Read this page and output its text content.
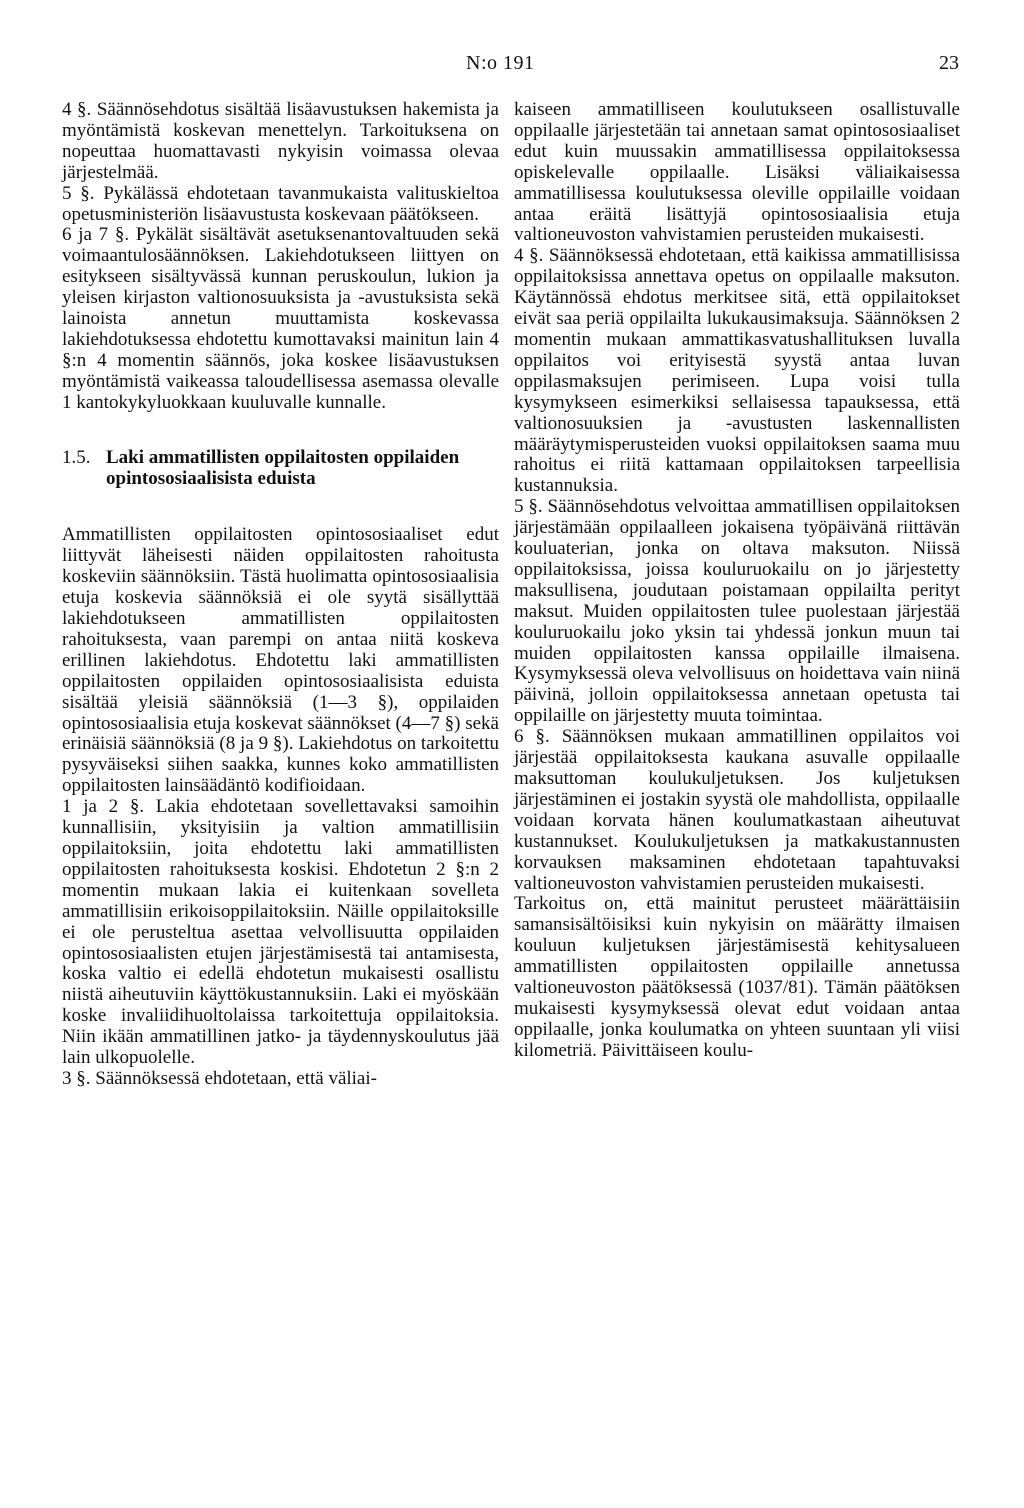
N:o 191	23

4 §. Säännösehdotus sisältää lisäavustuksen hakemista ja myöntämistä koskevan menettelyn. Tarkoituksena on nopeuttaa huomattavasti nykyisin voimassa olevaa järjestelmää.

5 §. Pykälässä ehdotetaan tavanmukaista valituskieltoa opetusministeriön lisäavustusta koskevaan päätökseen.

6 ja 7 §. Pykälät sisältävät asetuksenantovaltuuden sekä voimaantulosäännöksen. Lakiehdotukseen liittyen on esitykseen sisältyvässä kunnan peruskoulun, lukion ja yleisen kirjaston valtionosuuksista ja -avustuksista sekä lainoista annetun muuttamista koskevassa lakiehdotuksessa ehdotettu kumottavaksi mainitun lain 4 §:n 4 momentin säännös, joka koskee lisäavustuksen myöntämistä vaikeassa taloudellisessa asemassa olevalle 1 kantokykyluokkaan kuuluvalle kunnalle.

1.5. Laki ammatillisten oppilaitosten oppilaiden opintososiaalisista eduista

Ammatillisten oppilaitosten opintososiaaliset edut liittyvät läheisesti näiden oppilaitosten rahoitusta koskeviin säännöksiin. Tästä huolimatta opintososiaalisia etuja koskevia säännöksiä ei ole syytä sisällyttää lakiehdotukseen ammatillisten oppilaitosten rahoituksesta, vaan parempi on antaa niitä koskeva erillinen lakiehdotus. Ehdotettu laki ammatillisten oppilaitosten oppilaiden opintososiaalisista eduista sisältää yleisiä säännöksiä (1—3 §), oppilaiden opintososiaalisia etuja koskevat säännökset (4—7 §) sekä erinäisiä säännöksiä (8 ja 9 §). Lakiehdotus on tarkoitettu pysyväiseksi siihen saakka, kunnes koko ammatillisten oppilaitosten lainsäädäntö kodifioidaan.

1 ja 2 §. Lakia ehdotetaan sovellettavaksi samoihin kunnallisiin, yksityisiin ja valtion ammatillisiin oppilaitoksiin, joita ehdotettu laki ammatillisten oppilaitosten rahoituksesta koskisi. Ehdotetun 2 §:n 2 momentin mukaan lakia ei kuitenkaan sovelleta ammatillisiin erikoisoppilaitoksiin. Näille oppilaitoksille ei ole perusteltua asettaa velvollisuutta oppilaiden opintososiaalisten etujen järjestämisestä tai antamisesta, koska valtio ei edellä ehdotetun mukaisesti osallistu niistä aiheutuviin käyttökustannuksiin. Laki ei myöskään koske invaliidihuoltolaissa tarkoitettuja oppilaitoksia. Niin ikään ammatillinen jatko- ja täydennyskoulutus jää lain ulkopuolelle.

3 §. Säännöksessä ehdotetaan, että väliai-

kaiseen ammatilliseen koulutukseen osallistuvalle oppilaalle järjestetään tai annetaan samat opintososiaaliset edut kuin muussakin ammatillisessa oppilaitoksessa opiskelevalle oppilaalle. Lisäksi väliaikaisessa ammatillisessa koulutuksessa oleville oppilaille voidaan antaa eräitä lisättyjä opintososiaalisia etuja valtioneuvoston vahvistamien perusteiden mukaisesti.

4 §. Säännöksessä ehdotetaan, että kaikissa ammatillisissa oppilaitoksissa annettava opetus on oppilaalle maksuton. Käytännössä ehdotus merkitsee sitä, että oppilaitokset eivät saa periä oppilailta lukukausimaksuja. Säännöksen 2 momentin mukaan ammattikasvatushallituksen luvalla oppilaitos voi erityisestä syystä antaa luvan oppilasmaksujen perimiseen. Lupa voisi tulla kysymykseen esimerkiksi sellaisessa tapauksessa, että valtionosuuksien ja -avustusten laskennallisten määräytymisperusteiden vuoksi oppilaitoksen saama muu rahoitus ei riitä kattamaan oppilaitoksen tarpeellisia kustannuksia.

5 §. Säännösehdotus velvoittaa ammatillisen oppilaitoksen järjestämään oppilaalleen jokaisena työpäivänä riittävän kouluaterian, jonka on oltava maksuton. Niissä oppilaitoksissa, joissa kouluruokailu on jo järjestetty maksullisena, joudutaan poistamaan oppilailta perityt maksut. Muiden oppilaitosten tulee puolestaan järjestää kouluruokailu joko yksin tai yhdessä jonkun muun tai muiden oppilaitosten kanssa oppilaille ilmaisena. Kysymyksessä oleva velvollisuus on hoidettava vain niinä päivinä, jolloin oppilaitoksessa annetaan opetusta tai oppilaille on järjestetty muuta toimintaa.

6 §. Säännöksen mukaan ammatillinen oppilaitos voi järjestää oppilaitoksesta kaukana asuvalle oppilaalle maksuttoman koulukuljetuksen. Jos kuljetuksen järjestäminen ei jostakin syystä ole mahdollista, oppilaalle voidaan korvata hänen koulumatkastaan aiheutuvat kustannukset. Koulukuljetuksen ja matkakustannusten korvauksen maksaminen ehdotetaan tapahtuvaksi valtioneuvoston vahvistamien perusteiden mukaisesti.

Tarkoitus on, että mainitut perusteet määrättäisiin samansisältöisiksi kuin nykyisin on määrätty ilmaisen kouluun kuljetuksen järjestämisestä kehitysalueen ammatillisten oppilaitosten oppilaille annetussa valtioneuvoston päätöksessä (1037/81). Tämän päätöksen mukaisesti kysymyksessä olevat edut voidaan antaa oppilaalle, jonka koulumatka on yhteen suuntaan yli viisi kilometriä. Päivittäiseen koulu-
